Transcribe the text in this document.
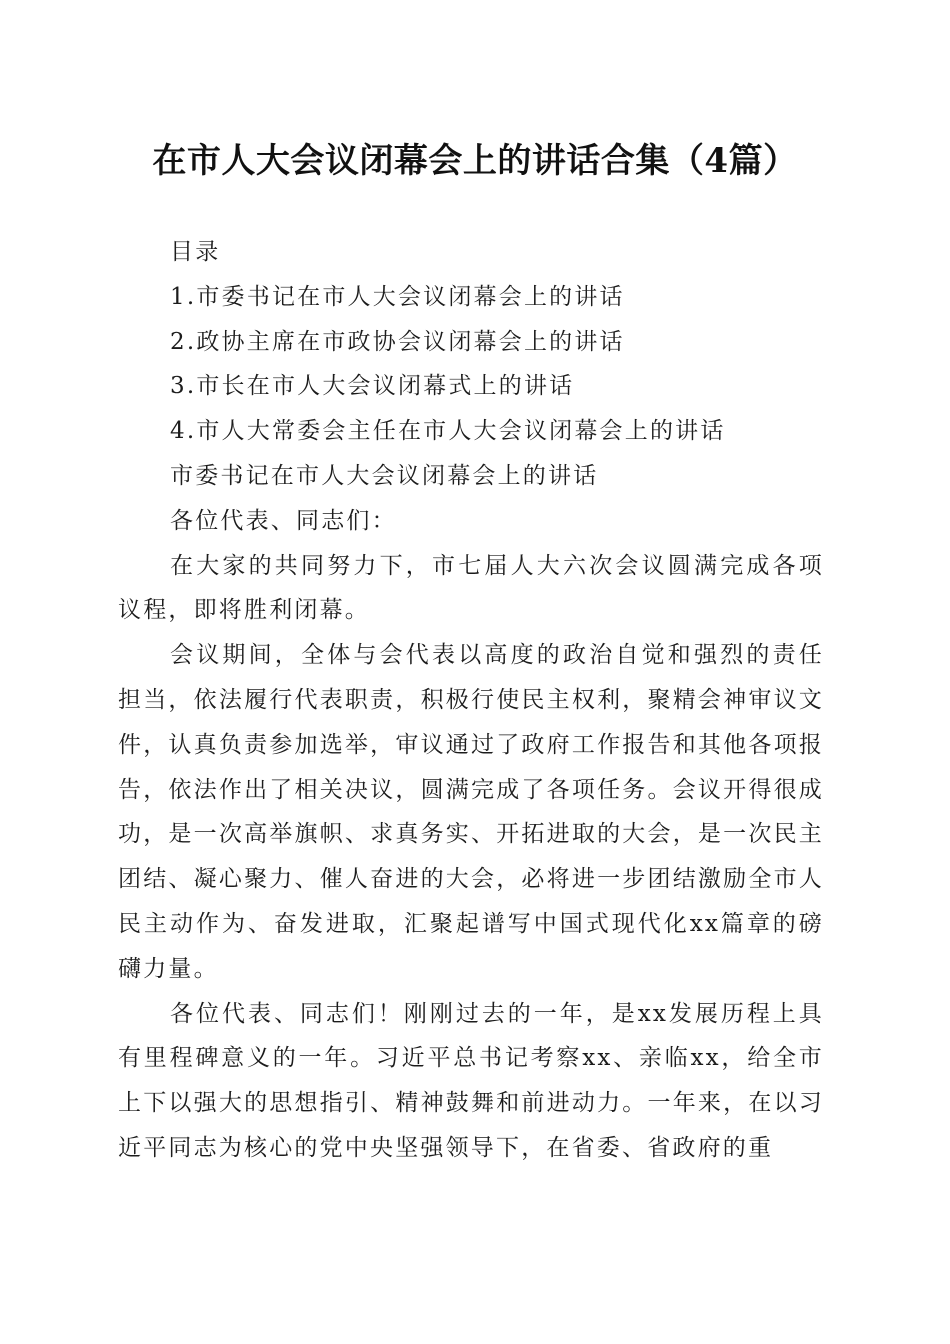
在市人大会议闭幕会上的讲话合集（4篇）

目录

1.市委书记在市人大会议闭幕会上的讲话

2.政协主席在市政协会议闭幕会上的讲话

3.市长在市人大会议闭幕式上的讲话

4.市人大常委会主任在市人大会议闭幕会上的讲话

市委书记在市人大会议闭幕会上的讲话

各位代表、同志们：

在大家的共同努力下，市七届人大六次会议圆满完成各项议程，即将胜利闭幕。

会议期间，全体与会代表以高度的政治自觉和强烈的责任担当，依法履行代表职责，积极行使民主权利，聚精会神审议文件，认真负责参加选举，审议通过了政府工作报告和其他各项报告，依法作出了相关决议，圆满完成了各项任务。会议开得很成功，是一次高举旗帜、求真务实、开拓进取的大会，是一次民主团结、凝心聚力、催人奋进的大会，必将进一步团结激励全市人民主动作为、奋发进取，汇聚起谱写中国式现代化xx篇章的磅礴力量。

各位代表、同志们！刚刚过去的一年，是xx发展历程上具有里程碑意义的一年。习近平总书记考察xx、亲临xx，给全市上下以强大的思想指引、精神鼓舞和前进动力。一年来，在以习近平同志为核心的党中央坚强领导下，在省委、省政府的重
